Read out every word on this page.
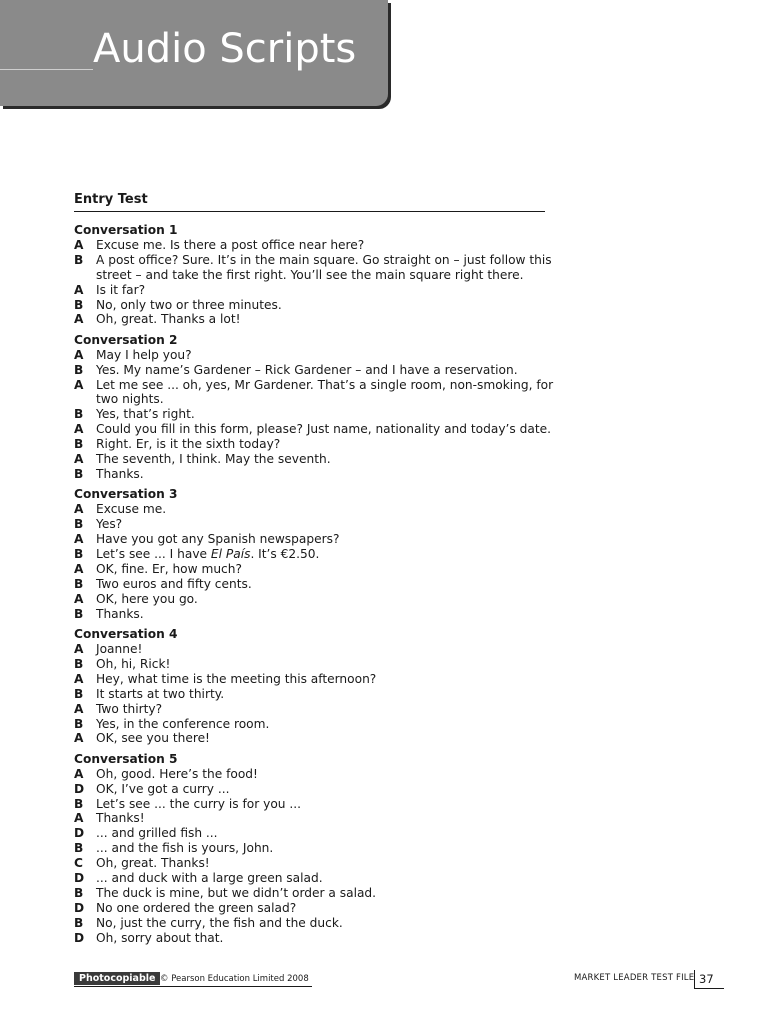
Audio Scripts
Entry Test
Conversation 1
A	Excuse me. Is there a post office near here?
B	A post office? Sure. It’s in the main square. Go straight on – just follow this street – and take the first right. You’ll see the main square right there.
A	Is it far?
B	No, only two or three minutes.
A	Oh, great. Thanks a lot!
Conversation 2
A	May I help you?
B	Yes. My name’s Gardener – Rick Gardener – and I have a reservation.
A	Let me see ... oh, yes, Mr Gardener. That’s a single room, non-smoking, for two nights.
B	Yes, that’s right.
A	Could you fill in this form, please? Just name, nationality and today’s date.
B	Right. Er, is it the sixth today?
A	The seventh, I think. May the seventh.
B	Thanks.
Conversation 3
A	Excuse me.
B	Yes?
A	Have you got any Spanish newspapers?
B	Let’s see ... I have El País. It’s €2.50.
A	OK, fine. Er, how much?
B	Two euros and fifty cents.
A	OK, here you go.
B	Thanks.
Conversation 4
A	Joanne!
B	Oh, hi, Rick!
A	Hey, what time is the meeting this afternoon?
B	It starts at two thirty.
A	Two thirty?
B	Yes, in the conference room.
A	OK, see you there!
Conversation 5
A	Oh, good. Here’s the food!
D OK, I’ve got a curry ...
B	Let’s see ... the curry is for you ...
A	Thanks!
D ... and grilled fish ...
B	... and the fish is yours, John.
C	Oh, great. Thanks!
D ... and duck with a large green salad.
B	The duck is mine, but we didn’t order a salad.
D No one ordered the green salad?
B	No, just the curry, the fish and the duck.
D Oh, sorry about that.
Photocopiable © Pearson Education Limited 2008	MARKET LEADER TEST FILE 37
